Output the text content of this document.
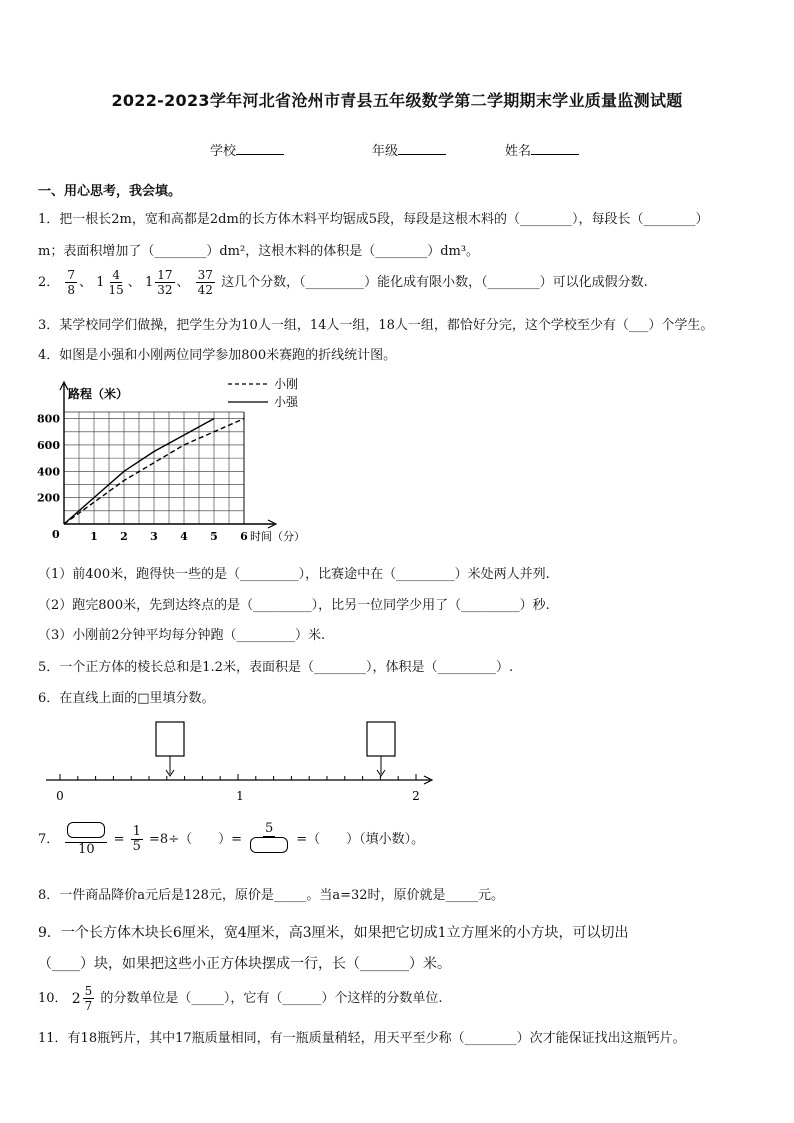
2022-2023学年河北省沧州市青县五年级数学第二学期期末学业质量监测试题
学校	年级	姓名
一、用心思考，我会填。
1．把一根长2m，宽和高都是2dm的长方体木料平均锯成5段，每段是这根木料的（________），每段长（________）
m；表面积增加了（________）dm²，这根木料的体积是（________）dm³。
2． $\frac{7}{8}$ 、 $1 \frac{4}{15}$ 、 $1 \frac{17}{32}$ 、 $\frac{37}{42}$ 这几个分数，（_________）能化成有限小数，（________）可以化成假分数.
3．某学校同学们做操，把学生分为10人一组，14人一组，18人一组，都恰好分完，这个学校至少有（___）个学生。
4．如图是小强和小刚两位同学参加800米赛跑的折线统计图。
路程（米）
0
200
400
600
800
1 2 3 4 5 6 时间（分）
小刚
小强
（1）前400米，跑得快一些的是（_________），比赛途中在（_________）米处两人并列.
（2）跑完800米，先到达终点的是（_________），比另一位同学少用了（_________）秒.
（3）小刚前2分钟平均每分钟跑（_________）米.
5．一个正方体的棱长总和是1.2米，表面积是（________），体积是（_________）.
6．在直线上面的□里填分数。
0	1	2
7．
10
= $\frac{1}{5} =8\div$（　　）=
5
=（　　）（填小数）。
8．一件商品降价a元后是128元，原价是_____。当a=32时，原价就是_____元。
9．一个长方体木块长6厘米，宽4厘米，高3厘米，如果把它切成1立方厘米的小方块，可以切出
（____）块，如果把这些小正方体块摆成一行，长（_______）米。
10． $2 \frac{5}{7}$ 的分数单位是（_____），它有（______）个这样的分数单位.
11．有18瓶钙片，其中17瓶质量相同，有一瓶质量稍轻，用天平至少称（________）次才能保证找出这瓶钙片。
